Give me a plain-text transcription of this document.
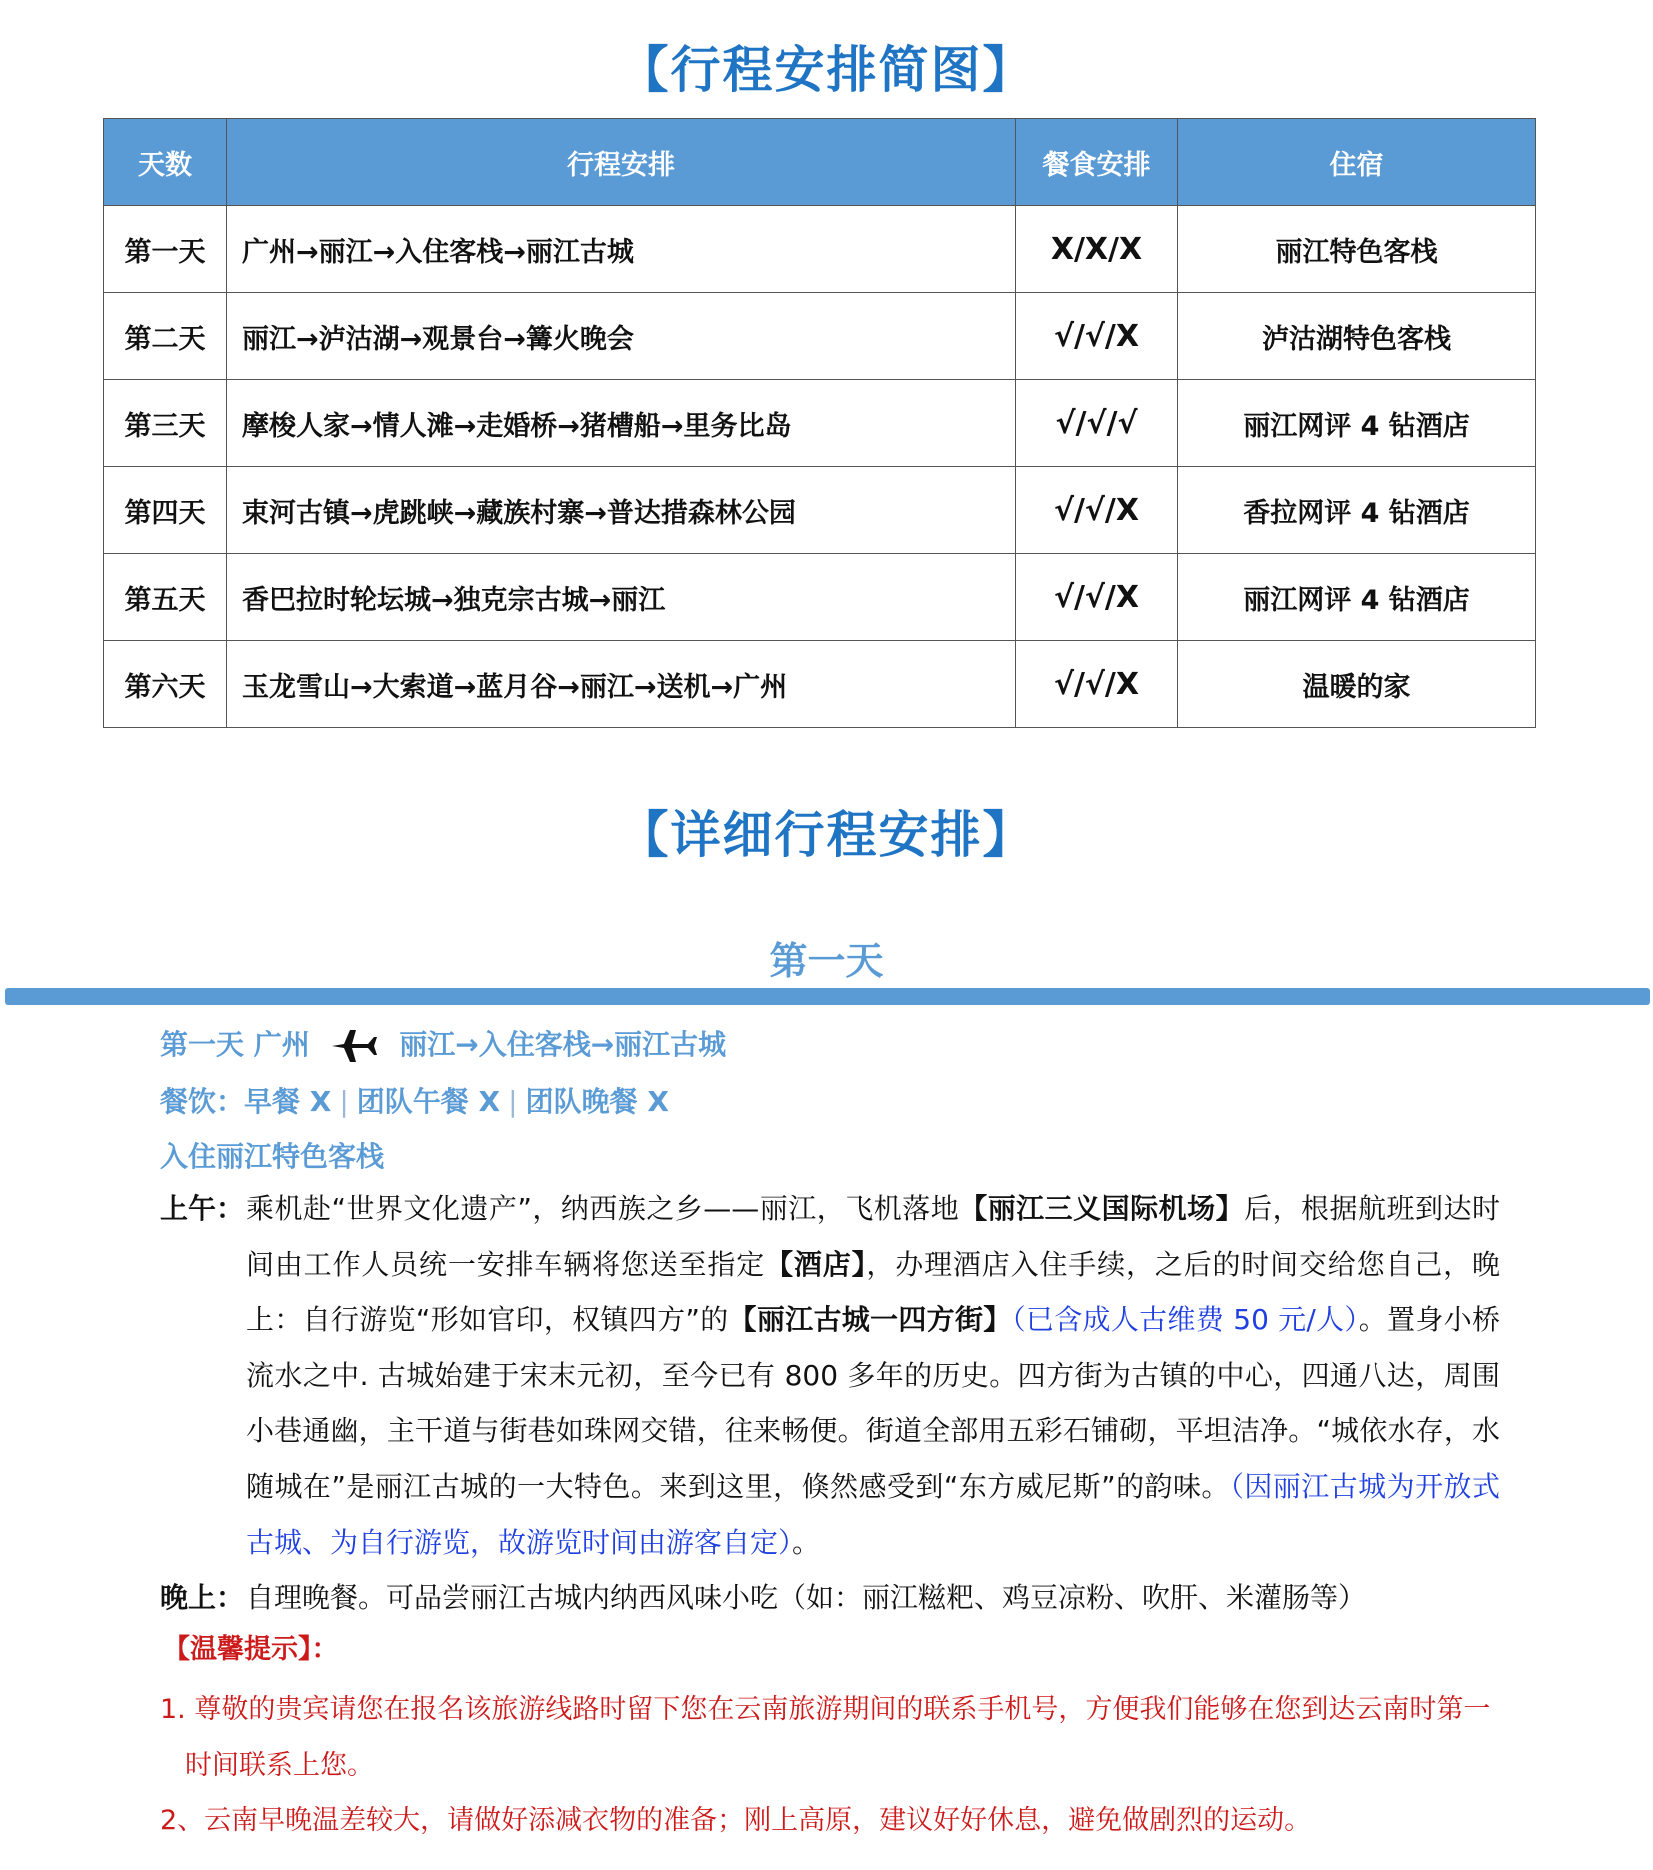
【行程安排简图】
天数	行程安排	餐食安排	住宿
第一天	广州→丽江→入住客栈→丽江古城	X/X/X	丽江特色客栈
第二天	丽江→泸沽湖→观景台→篝火晚会	√/√/X	泸沽湖特色客栈
第三天	摩梭人家→情人滩→走婚桥→猪槽船→里务比岛	√/√/√	丽江网评 4 钻酒店
第四天	束河古镇→虎跳峡→藏族村寨→普达措森林公园	√/√/X	香拉网评 4 钻酒店
第五天	香巴拉时轮坛城→独克宗古城→丽江	√/√/X	丽江网评 4 钻酒店
第六天	玉龙雪山→大索道→蓝月谷→丽江→送机→广州	√/√/X	温暖的家
【详细行程安排】
第一天
第一天 广州	丽江→入住客栈→丽江古城
餐饮：早餐 X | 团队午餐 X | 团队晚餐 X
入住丽江特色客栈
上午： 乘机赴“世界文化遗产”，纳西族之乡——丽江，飞机落地【丽江三义国际机场】后，根据航班到达时间由工作人员统一安排车辆将您送至指定【酒店】，办理酒店入住手续，之后的时间交给您自己，晚上：自行游览“形如官印，权镇四方”的【丽江古城一四方街】（已含成人古维费 50 元/人）。置身小桥流水之中. 古城始建于宋末元初，至今已有 800 多年的历史。四方街为古镇的中心，四通八达，周围小巷通幽，主干道与街巷如珠网交错，往来畅便。街道全部用五彩石铺砌，平坦洁净。“城依水存，水随城在”是丽江古城的一大特色。来到这里，倏然感受到“东方威尼斯”的韵味。（因丽江古城为开放式古城、为自行游览，故游览时间由游客自定）。
晚上： 自理晚餐。可品尝丽江古城内纳西风味小吃（如：丽江糍粑、鸡豆凉粉、吹肝、米灌肠等）
【温馨提示】：
1. 尊敬的贵宾请您在报名该旅游线路时留下您在云南旅游期间的联系手机号，方便我们能够在您到达云南时第一时间联系上您。
2、云南早晚温差较大，请做好添减衣物的准备；刚上高原，建议好好休息，避免做剧烈的运动。
